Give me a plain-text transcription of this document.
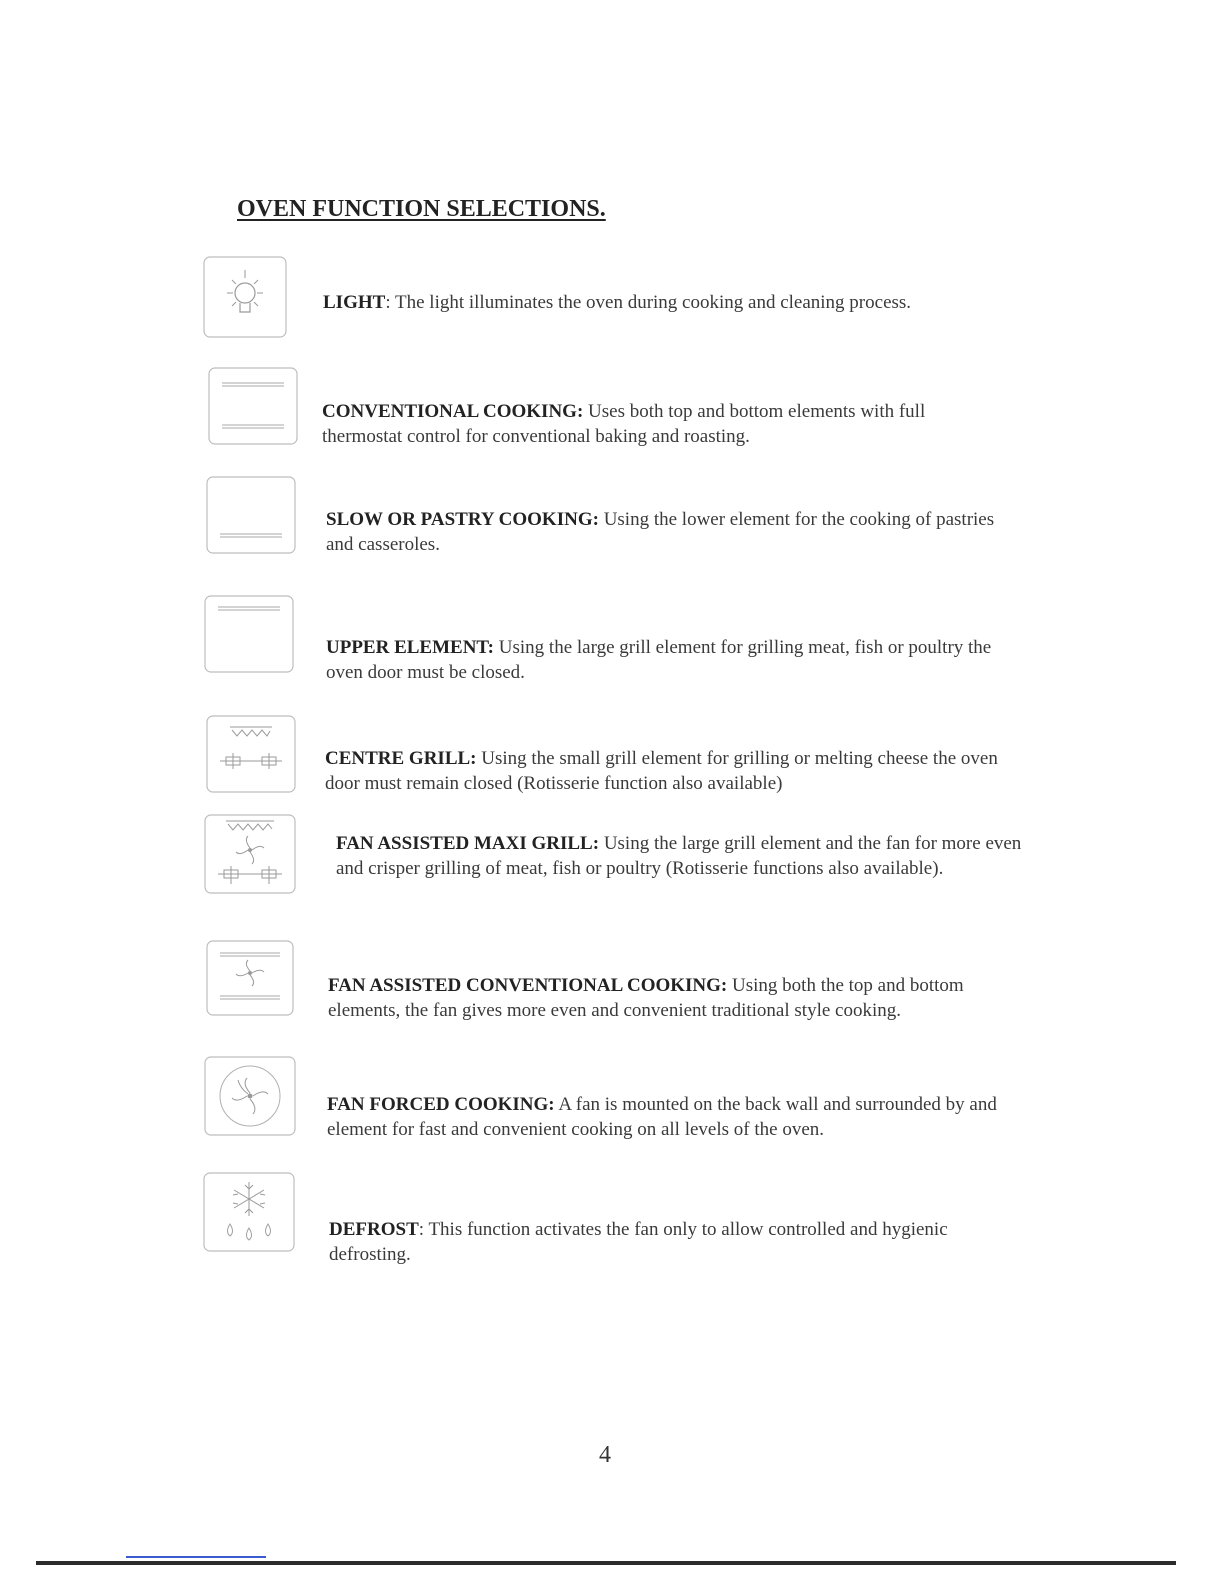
OVEN FUNCTION SELECTIONS.
LIGHT: The light illuminates the oven during cooking and cleaning process.
CONVENTIONAL COOKING: Uses both top and bottom elements with full thermostat control for conventional baking and roasting.
SLOW OR PASTRY COOKING: Using the lower element for the cooking of pastries and casseroles.
UPPER ELEMENT: Using the large grill element for grilling meat, fish or poultry the oven door must be closed.
CENTRE GRILL: Using the small grill element for grilling or melting cheese the oven door must remain closed (Rotisserie function also available)
FAN ASSISTED MAXI GRILL: Using the large grill element and the fan for more even and crisper grilling of meat, fish or poultry (Rotisserie functions also available).
FAN ASSISTED CONVENTIONAL COOKING: Using both the top and bottom elements, the fan gives more even and convenient traditional style cooking.
FAN FORCED COOKING: A fan is mounted on the back wall and surrounded by and element for fast and convenient cooking on all levels of the oven.
DEFROST: This function activates the fan only to allow controlled and hygienic defrosting.
4
